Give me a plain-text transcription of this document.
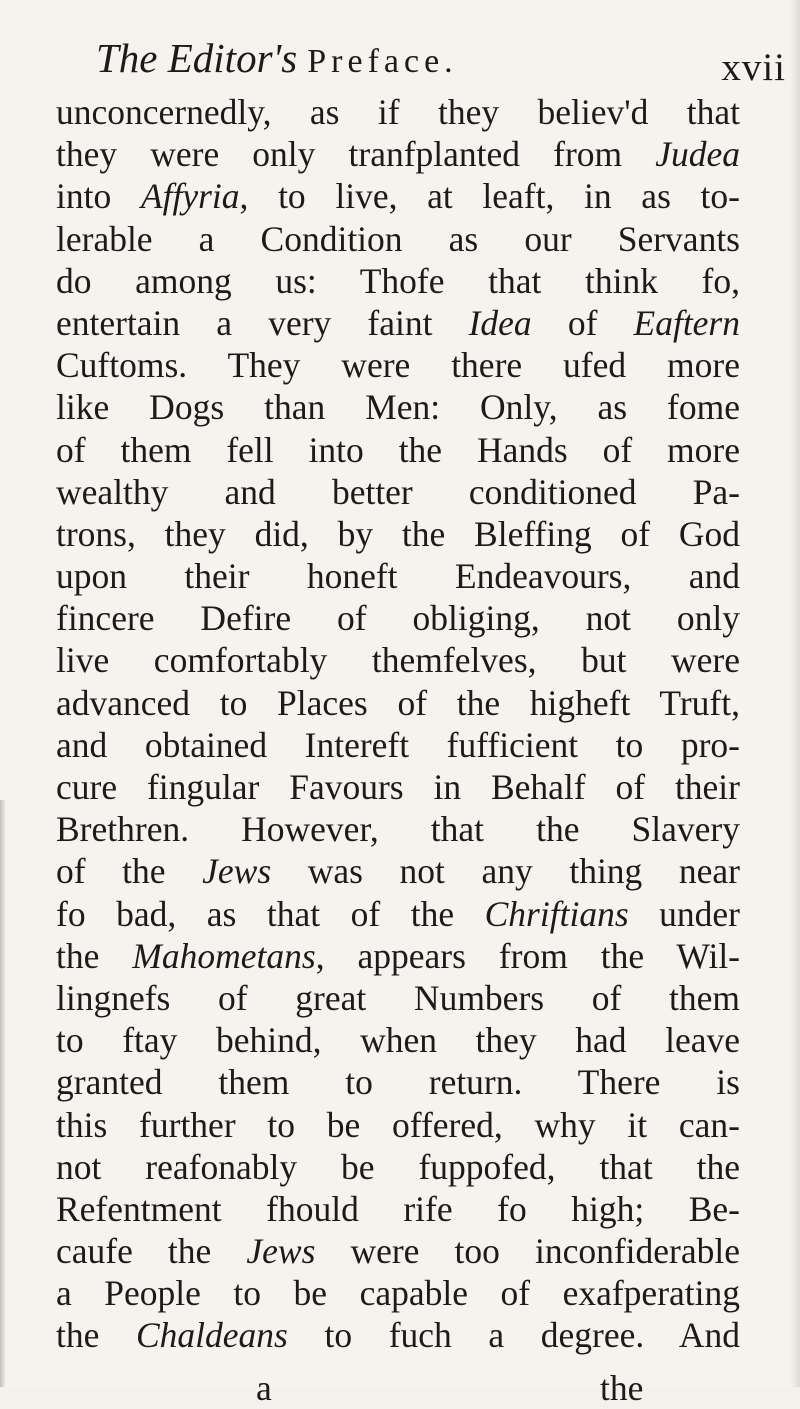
The Editor's Preface.	xvii
unconcernedly, as if they believ'd that
they were only tranfplanted from Judea
into Affyria, to live, at leaft, in as to-
lerable a Condition as our Servants
do among us: Thofe that think fo,
entertain a very faint Idea of Eaftern
Cuftoms. They were there ufed more
like Dogs than Men: Only, as fome
of them fell into the Hands of more
wealthy and better conditioned Pa-
trons, they did, by the Bleffing of God
upon their honeft Endeavours, and
fincere Defire of obliging, not only
live comfortably themfelves, but were
advanced to Places of the higheft Truft,
and obtained Intereft fufficient to pro-
cure fingular Favours in Behalf of their
Brethren. However, that the Slavery
of the Jews was not any thing near
fo bad, as that of the Chriftians under
the Mahometans, appears from the Wil-
lingnefs of great Numbers of them
to ftay behind, when they had leave
granted them to return. There is
this further to be offered, why it can-
not reafonably be fuppofed, that the
Refentment fhould rife fo high; Be-
caufe the Jews were too inconfiderable
a People to be capable of exafperating
the Chaldeans to fuch a degree. And
a	the
